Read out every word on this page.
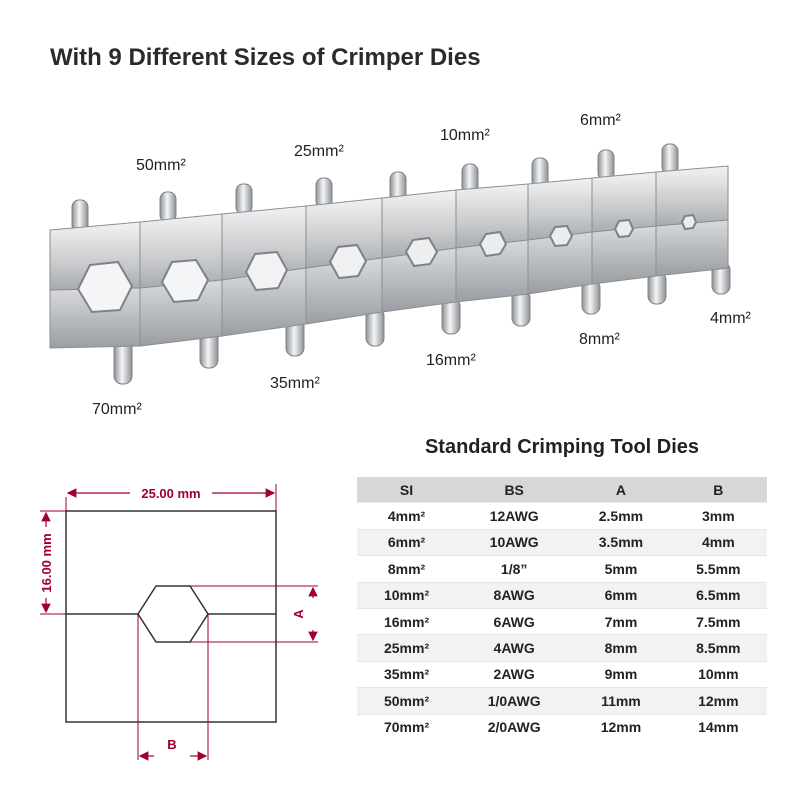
With 9 Different Sizes of Crimper Dies
50mm²
25mm²
10mm²
6mm²
70mm²
35mm²
16mm²
8mm²
4mm²
25.00 mm
16.00 mm
A
B
Standard Crimping Tool Dies
SI	BS	A	B
4mm²	12AWG	2.5mm	3mm
6mm²	10AWG	3.5mm	4mm
8mm²	1/8”	5mm	5.5mm
10mm²	8AWG	6mm	6.5mm
16mm²	6AWG	7mm	7.5mm
25mm²	4AWG	8mm	8.5mm
35mm²	2AWG	9mm	10mm
50mm²	1/0AWG	11mm	12mm
70mm²	2/0AWG	12mm	14mm
